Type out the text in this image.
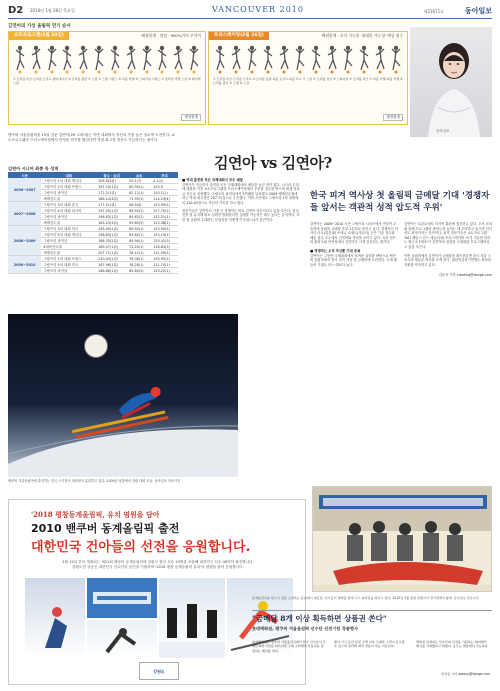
D2 2010년 1월 28일 목요일	VANCOUVER 2010	제21671호	동아일보
김연아의 가상 올림픽 연기 순서
쇼트프로그램(2월 24일)	배점합계 · 정원 · 900%까지 주석어
① 트리플 러츠-트리플 토루프 콤비네이션 ② 트리플 플립 ③ 스핀 ④ 스텝 시퀀스 ⑤ 더블 악셀 ⑥ 스파이럴 시퀀스 ⑦ 플라잉 카멜 스핀 ⑧ 레이백 스핀
배점합계
프리스케이팅(2월 26일)	배점합계 · 포지 가능한 '위대한 가능성' 예상 점수
① 트리플 러츠-트리플 토루프 ② 트리플 플립-더블 토루프-더블 루프 ③ 스핀 ④ 트리플 살코 ⑤ 스파이럴 ⑥ 트리플 러츠 ⑦ 더블 악셀-더블 악셀 ⑧ 트리플 살코 ⑨ 스텝 ⑩ 스핀
배점합계
동아일보
밴쿠버 겨울올림픽을 15일 앞둔 김연아(20·고려대)는 이번 대회에서 자신의 가장 높은 점수에 도전한다. 쇼트프로그램과 프리스케이팅에서 안정된 연기를 펼친다면 역대 최고점 경신도 가능하다는 평가다.
김연아 시니어 최종 득 성적
시즌	대회	점수 · 순위	쇼트	프리
2006~2007	그랑프리 1차 대회 캐나다	105.6(3위)	59.1(7)	5.1(1)
	그랑프리 2차 대회 프랑스	197.20(1위)	60.90(1)	120.0
	그랑프리 파이널	172.2(1위)	62.12(1)	110.1(1)
	세계선수권	186.14(3위)	71.95(1)	114.19(4)
2007~2008	그랑프리 3차 대회 중국	177.5(1위)	56.5(4)	120.99(1)
	그랑프리 4차 대회 러시아	197.20(1위)	69.50(1)	127.70(1)
	그랑프리 파이널	196.83(1위)	64.62(2)	132.21(1)
	세계선수권	183.23(3위)	59.85(5)	123.38(2)
2008~2009	그랑프리 3차 대회 미국	193.45(1위)	69.50(1)	123.95(1)
	그랑프리 5차 대회 캐나다	196.83(1위)	63.64(1)	133.19(1)
	그랑프리 파이널	186.35(2위)	65.94(1)	120.41(3)
	4대륙선수권	189.07(1위)	72.24(1)	116.83(3)
	세계선수권	207.71(1위)	76.12(1)	131.59(1)
2009~2010	그랑프리 1차 대회 프랑스	210.03(1위)	76.08(1)	133.95(1)
	그랑프리 5차 대회 미국	187.98(1위)	76.28(1)	111.70(2)
	그랑프리 파이널	188.86(1위)	65.64(2)	123.22(1)
김연아 vs 김연아?
■ 역대 출전한 모든 국제대회서 모두 메달
김연아가 지금까지 출전한 모든 국제대회에서 메달을 놓친 적이 없다. 시니어 무대에 데뷔한 이후 쇼트프로그램과 프리스케이팅에서 꾸준한 점수를 받으며 세계 정상급 선수로 성장했다. 그랑프리 파이널에서 2연패를 달성했고 2009 세계선수권에서는 역대 최고점인 207.71점으로 우승했다. 이번 시즌에도 그랑프리 1차 대회에서 210.03점으로 자신의 기록을 다시 썼다.
전문가들은 김연아의 가장 큰 경쟁자는 바로 김연아 자신이라고 입을 모은다. 컨디션을 잘 유지해 평소 실력만 발휘한다면 금메달 가능성은 매우 높다는 분석이다. 다만 첫 올림픽 무대라는 부담감을 어떻게 이겨내느냐가 관건이다.
한국 피겨 역사상 첫 올림픽 금메달 기대 '경쟁자들 앞서는 객관적 성적 압도적 우위'
김연아는 2009~2010 시즌 그랑프리 시리즈에서 연달아 우승하며 올림픽 금메달 후보 1순위로 꼽히고 있다. 경쟁자인 아사다 마오(일본)와 조애니 로셰트(캐나다) 등은 기술 점수와 예술 점수 모두에서 김연아와 격차를 보이고 있다. 특히 점프의 완성도와 안정성에서 김연아가 크게 앞선다는 평가다.
■ 경쟁자는 오직 자신뿐 기대 증폭
김연아는 그동안 국제대회에서 보여준 실력을 바탕으로 밴쿠버 올림픽에서 한국 피겨 사상 첫 금메달에 도전한다. 국내 팬들의 기대도 어느 때보다 높다.
김연아는 토론토에서 마지막 훈련에 집중하고 있다. 오서 코치와 함께 프로그램의 완성도를 높이는 데 주력하고 있으며 컨디션도 최상이라는 전언이다. 피겨 전문가들은 쇼트프로그램 '007 제임스 본드 메들리'와 프리스케이팅 '조지 거슈윈 피아노 협주곡 F장조'가 김연아의 장점을 극대화한 프로그램이라고 입을 모은다.
이번 올림픽에서 김연아가 금메달을 획득한다면 한국 겨울 스포츠의 새로운 역사를 쓰게 된다. 대한빙상경기연맹도 최상의 지원을 약속하고 있다.
김동욱 기자 creating@donga.com
밴쿠버 겨울올림픽에 출전하는 한국 스키점프 대표팀이 훈련하고 있다. 2009년 평창에서 열린 대회 모습. 동아일보 자료사진
'2018 평창동계올림픽, 유치 염원을 담아
2010 밴쿠버 동계올림픽 출전
대한민국 건아들의 선전을 응원합니다.
2월 12일 부터 개최되는 제21회 밴쿠버 동계올림픽에 강원도 출신 선수 10명을 포함해 대한민국 선수 46명이 출전합니다.
강원도민 일동은 대한민국 선수단의 선전을 기원하며 '2018 평창 동계올림픽 유치'의 염원을 담아 응원합니다.
강원도
동계올림픽을 앞두고 팀을 소개하는 봅슬레이 대표팀. 선수들이 썰매를 앞에 두고 파이팅을 외치고 있다. 2010년 1월 평창 알펜시아 경기장에서 촬영. 동아일보 자료사진
"금메달 8개 이상 획득하면 상품권 쏜다"
롯데백화점, 밴쿠버 겨울올림픽 선수단 선전기원 경품행사
롯데백화점은 밴쿠버 겨울올림픽에서 한국 선수단이 금메달 8개 이상을 획득하면 구매 고객에게 상품권을 증정하는 행사를 연다.
행사 기간 동안 일정 금액 이상 구매한 고객이 응모할 수 있으며 결과에 따라 경품이 차등 지급된다.
백화점 관계자는 선수단의 선전을 기원하는 의미에서 행사를 기획했다고 밝혔다. 응모는 매장에서 가능하다.
한상준 기자 alwaysj@donga.com
